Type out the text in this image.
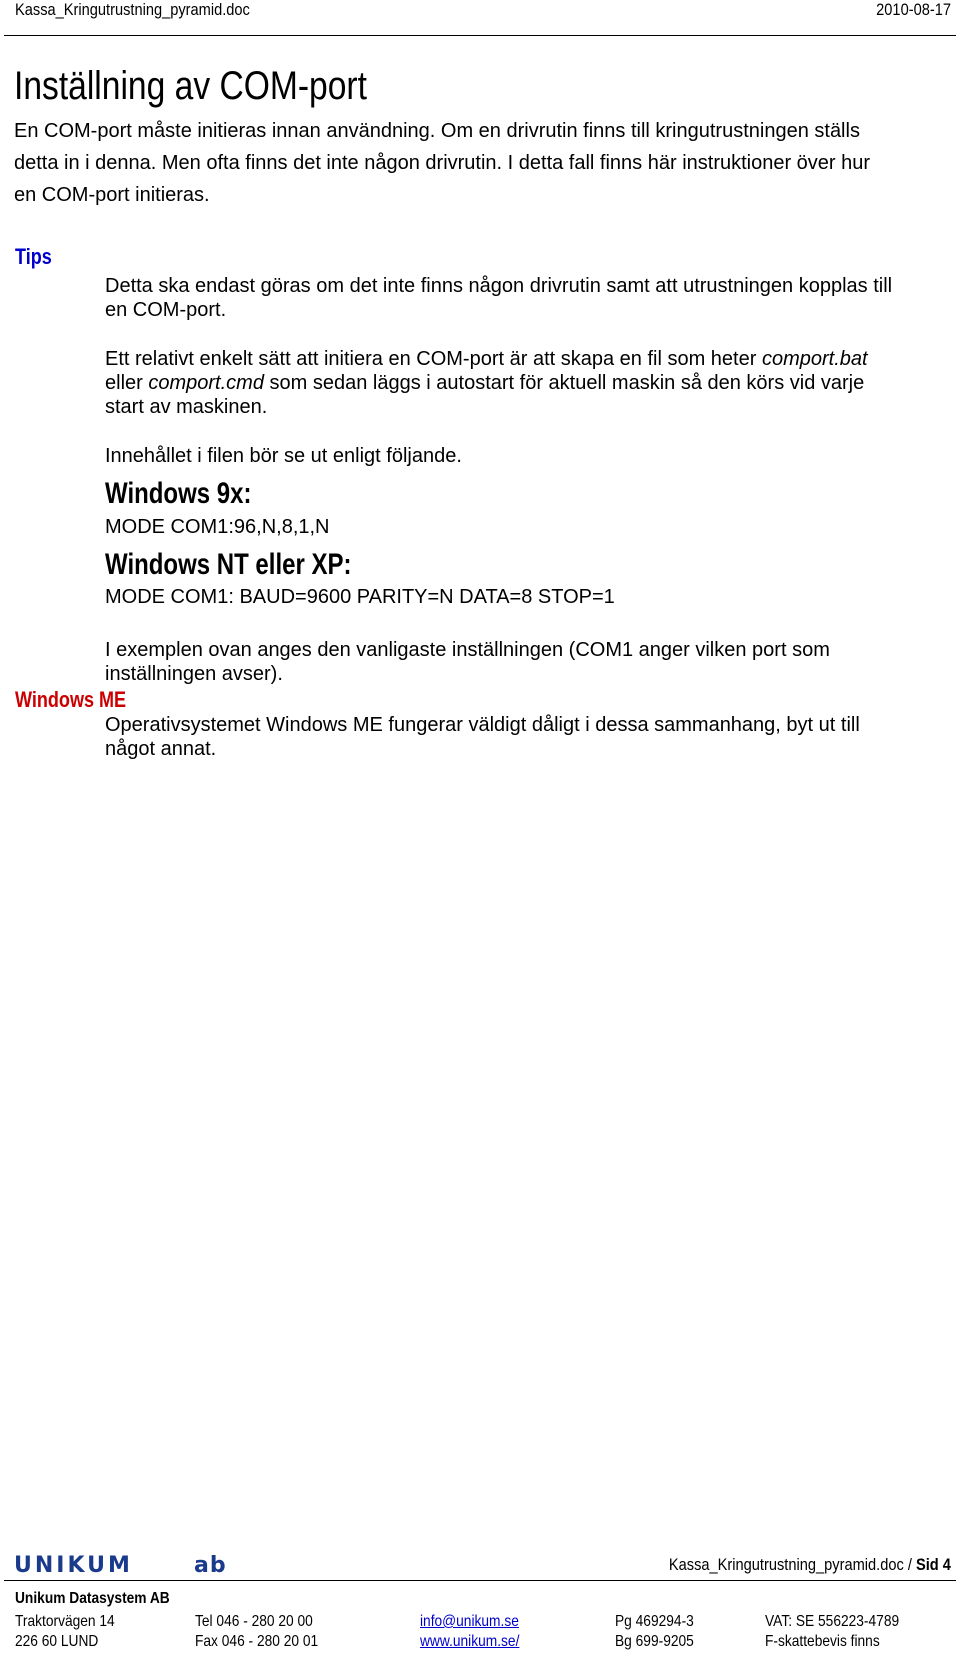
Kassa_Kringutrustning_pyramid.doc	2010-08-17
Inställning av COM-port
En COM-port måste initieras innan användning. Om en drivrutin finns till kringutrustningen ställs
detta in i denna. Men ofta finns det inte någon drivrutin. I detta fall finns här instruktioner över hur
en COM-port initieras.
Tips
Detta ska endast göras om det inte finns någon drivrutin samt att utrustningen kopplas till
en COM-port.
Ett relativt enkelt sätt att initiera en COM-port är att skapa en fil som heter comport.bat
eller comport.cmd som sedan läggs i autostart för aktuell maskin så den körs vid varje
start av maskinen.
Innehållet i filen bör se ut enligt följande.
Windows 9x:
MODE COM1:96,N,8,1,N
Windows NT eller XP:
MODE COM1: BAUD=9600 PARITY=N DATA=8 STOP=1
I exemplen ovan anges den vanligaste inställningen (COM1 anger vilken port som
inställningen avser).
Windows ME
Operativsystemet Windows ME fungerar väldigt dåligt i dessa sammanhang, byt ut till
något annat.
UNIKUM	ab	Kassa_Kringutrustning_pyramid.doc / Sid 4
Unikum Datasystem AB
Traktorvägen 14
226 60 LUND
Tel 046 - 280 20 00
Fax 046 - 280 20 01
info@unikum.se
www.unikum.se/
Pg 469294-3
Bg 699-9205
VAT: SE 556223-4789
F-skattebevis finns
